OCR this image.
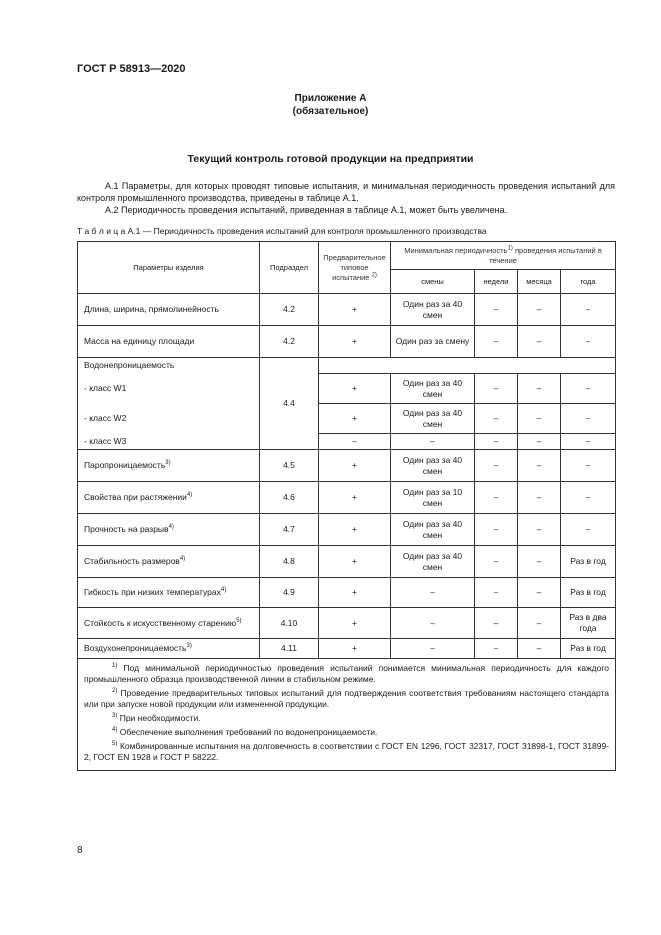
ГОСТ Р 58913—2020
Приложение А
(обязательное)
Текущий контроль готовой продукции на предприятии
А.1 Параметры, для которых проводят типовые испытания, и минимальная периодичность проведения испытаний для контроля промышленного производства, приведены в таблице А.1.
А.2 Периодичность проведения испытаний, приведенная в таблице А.1, может быть увеличена.
Т а б л и ц а А.1 — Периодичность проведения испытаний для контроля промышленного производства
Параметры изделия	Подраздел	Предварительное типовое испытание $^{2)}$	Минимальная периодичность$^{1)}$ проведения испытаний в течение			
			смены	недели	месяца	года
Длина, ширина, прямолинейность	4.2	+	Один раз за 40 смен	–	–	–
Масса на единицу площади	4.2	+	Один раз за смену	–	–	–
Водонепроницаемость	4.4					
- класс W1		+	Один раз за 40 смен	–	–	–
- класс W2		+	Один раз за 40 смен	–	–	–
- класс W3		–	–	–	–	–
Паропроницаемость$^{3)}$	4.5	+	Один раз за 40 смен	–	–	–
Свойства при растяжении$^{4)}$	4.6	+	Один раз за 10 смен	–	–	–
Прочность на разрыв$^{4)}$	4.7	+	Один раз за 40 смен	–	–	–
Стабильность размеров$^{4)}$	4.8	+	Один раз за 40 смен	–	–	Раз в год
Гибкость при низких температурах$^{4)}$	4.9	+	–	–	–	Раз в год
Стойкость к искусственному старению$^{5)}$	4.10	+	–	–	–	Раз в два года
Воздухонепроницаемость$^{3)}$	4.11	+	–	–	–	Раз в год

$^{1)}$ Под минимальной периодичностью проведения испытаний понимается минимальная периодичность для каждого промышленного образца производственной линии в стабильном режиме.

$^{2)}$ Проведение предварительных типовых испытаний для подтверждения соответствия требованиям настоящего стандарта или при запуске новой продукции или измененной продукции.

$^{3)}$ При необходимости.

$^{4)}$ Обеспечение выполнения требований по водонепроницаемости.

$^{5)}$ Комбинированные испытания на долговечность в соответствии с ГОСТ EN 1296, ГОСТ 32317, ГОСТ 31898-1, ГОСТ 31899-2, ГОСТ EN 1928 и ГОСТ Р 58222.						

8
